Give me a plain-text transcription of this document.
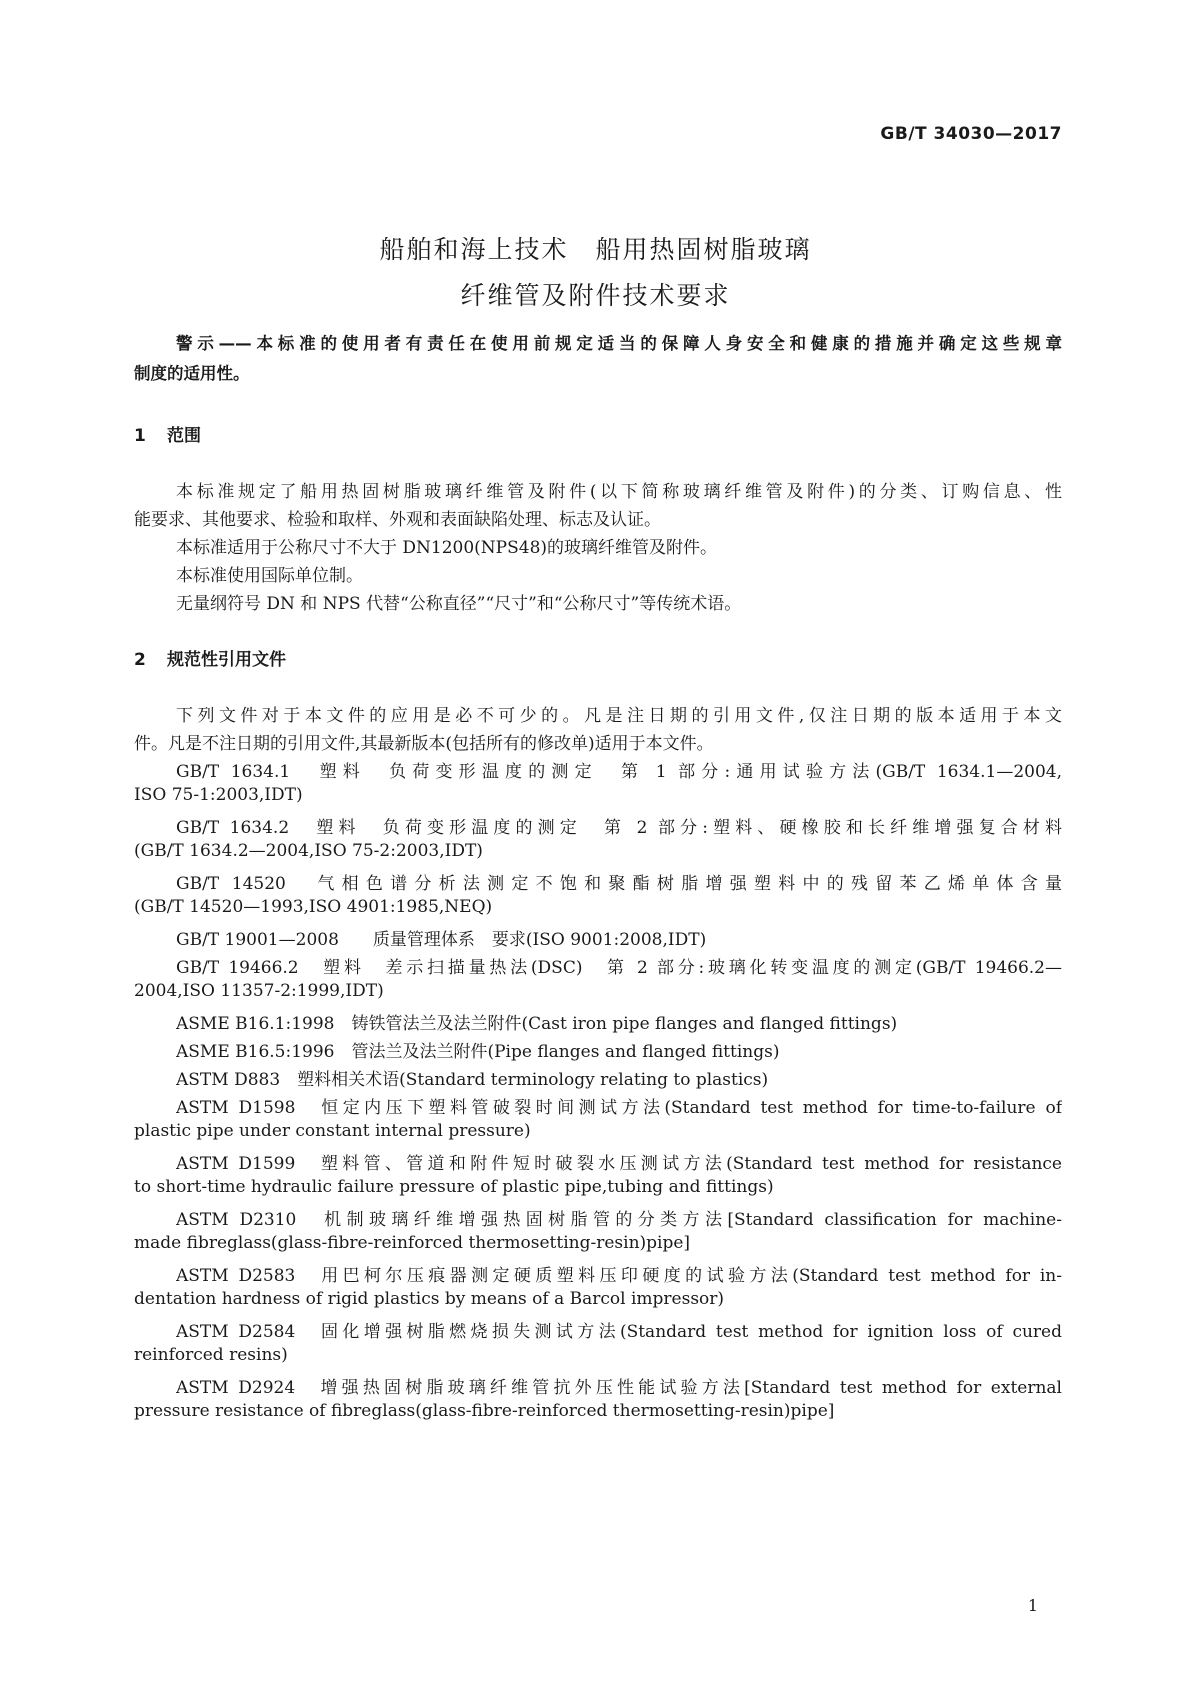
GB/T 34030—2017
船舶和海上技术　船用热固树脂玻璃
纤维管及附件技术要求
警示——本标准的使用者有责任在使用前规定适当的保障人身安全和健康的措施并确定这些规章
制度的适用性。
1 范围
本标准规定了船用热固树脂玻璃纤维管及附件(以下简称玻璃纤维管及附件)的分类、订购信息、性
能要求、其他要求、检验和取样、外观和表面缺陷处理、标志及认证。
本标准适用于公称尺寸不大于 DN1200(NPS48)的玻璃纤维管及附件。
本标准使用国际单位制。
无量纲符号 DN 和 NPS 代替“公称直径”“尺寸”和“公称尺寸”等传统术语。
2 规范性引用文件
下列文件对于本文件的应用是必不可少的。凡是注日期的引用文件,仅注日期的版本适用于本文
件。凡是不注日期的引用文件,其最新版本(包括所有的修改单)适用于本文件。
GB/T 1634.1　塑料　负荷变形温度的测定　第 1 部分:通用试验方法(GB/T 1634.1—2004,
ISO 75-1:2003,IDT)
GB/T 1634.2　塑料　负荷变形温度的测定　第 2 部分:塑料、硬橡胶和长纤维增强复合材料
(GB/T 1634.2—2004,ISO 75-2:2003,IDT)
GB/T 14520　气相色谱分析法测定不饱和聚酯树脂增强塑料中的残留苯乙烯单体含量
(GB/T 14520—1993,ISO 4901:1985,NEQ)
GB/T 19001—2008　　质量管理体系　要求(ISO 9001:2008,IDT)
GB/T 19466.2　塑料　差示扫描量热法(DSC)　第 2 部分:玻璃化转变温度的测定(GB/T 19466.2—
2004,ISO 11357-2:1999,IDT)
ASME B16.1:1998　铸铁管法兰及法兰附件(Cast iron pipe flanges and flanged fittings)
ASME B16.5:1996　管法兰及法兰附件(Pipe flanges and flanged fittings)
ASTM D883　塑料相关术语(Standard terminology relating to plastics)
ASTM D1598　恒定内压下塑料管破裂时间测试方法(Standard test method for time-to-failure of
plastic pipe under constant internal pressure)
ASTM D1599　塑料管、管道和附件短时破裂水压测试方法(Standard test method for resistance
to short-time hydraulic failure pressure of plastic pipe,tubing and fittings)
ASTM D2310　机制玻璃纤维增强热固树脂管的分类方法[Standard classification for machine-
made fibreglass(glass-fibre-reinforced thermosetting-resin)pipe]
ASTM D2583　用巴柯尔压痕器测定硬质塑料压印硬度的试验方法(Standard test method for in-
dentation hardness of rigid plastics by means of a Barcol impressor)
ASTM D2584　固化增强树脂燃烧损失测试方法(Standard test method for ignition loss of cured
reinforced resins)
ASTM D2924　增强热固树脂玻璃纤维管抗外压性能试验方法[Standard test method for external
pressure resistance of fibreglass(glass-fibre-reinforced thermosetting-resin)pipe]
1
